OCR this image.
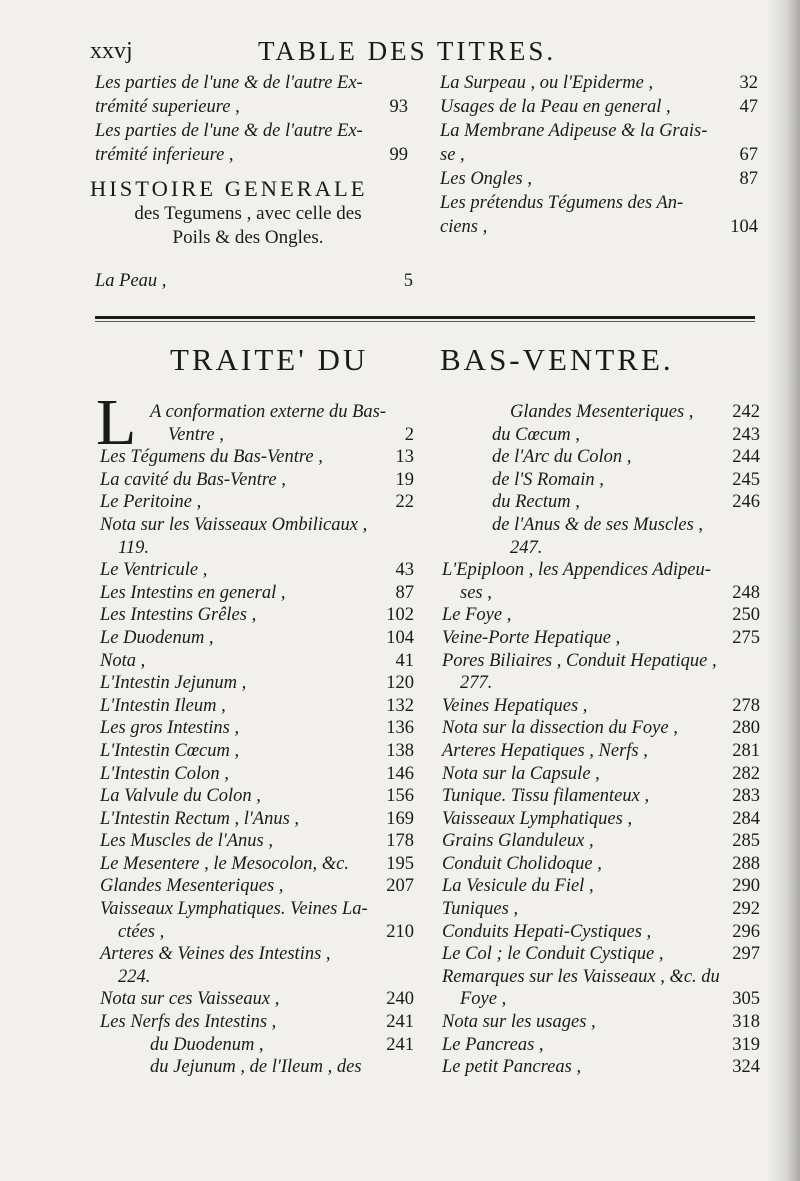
xxvj	TABLE DES TITRES.
Les parties de l'une & de l'autre Ex-
trémité superieure ,	93
Les parties de l'une & de l'autre Ex-
trémité inferieure ,	99
HISTOIRE GENERALE
des Tegumens , avec celle des
Poils & des Ongles.
La Peau ,	5
La Surpeau , ou l'Epiderme ,	32
Usages de la Peau en general ,	47
La Membrane Adipeuse & la Grais-
se ,	67
Les Ongles ,	87
Les prétendus Tégumens des An-
ciens ,	104
TRAITE' DU BAS-VENTRE.
L A conformation externe du Bas-
Ventre ,	2
Les Tégumens du Bas-Ventre ,	13
La cavité du Bas-Ventre ,	19
Le Peritoine ,	22
Nota sur les Vaisseaux Ombilicaux ,
119.
Le Ventricule ,	43
Les Intestins en general ,	87
Les Intestins Grêles ,	102
Le Duodenum ,	104
Nota ,	41
L'Intestin Jejunum ,	120
L'Intestin Ileum ,	132
Les gros Intestins ,	136
L'Intestin Cœcum ,	138
L'Intestin Colon ,	146
La Valvule du Colon ,	156
L'Intestin Rectum , l'Anus ,	169
Les Muscles de l'Anus ,	178
Le Mesentere , le Mesocolon, &c. 195
Glandes Mesenteriques ,	207
Vaisseaux Lymphatiques. Veines La-
ctées ,	210
Arteres & Veines des Intestins ,
224.
Nota sur ces Vaisseaux ,	240
Les Nerfs des Intestins ,	241
du Duodenum ,	241
du Jejunum , de l'Ileum , des
Glandes Mesenteriques , 242
du Cœcum ,	243
de l'Arc du Colon ,	244
de l'S Romain ,	245
du Rectum ,	246
de l'Anus & de ses Muscles ,
247.
L'Epiploon , les Appendices Adipeu-
ses ,	248
Le Foye ,	250
Veine-Porte Hepatique ,	275
Pores Biliaires , Conduit Hepatique ,
277.
Veines Hepatiques ,	278
Nota sur la dissection du Foye ,	280
Arteres Hepatiques , Nerfs ,	281
Nota sur la Capsule ,	282
Tunique. Tissu filamenteux ,	283
Vaisseaux Lymphatiques ,	284
Grains Glanduleux ,	285
Conduit Cholidoque ,	288
La Vesicule du Fiel ,	290
Tuniques ,	292
Conduits Hepati-Cystiques ,	296
Le Col ; le Conduit Cystique ,	297
Remarques sur les Vaisseaux , &c. du
Foye ,	305
Nota sur les usages ,	318
Le Pancreas ,	319
Le petit Pancreas ,	324
